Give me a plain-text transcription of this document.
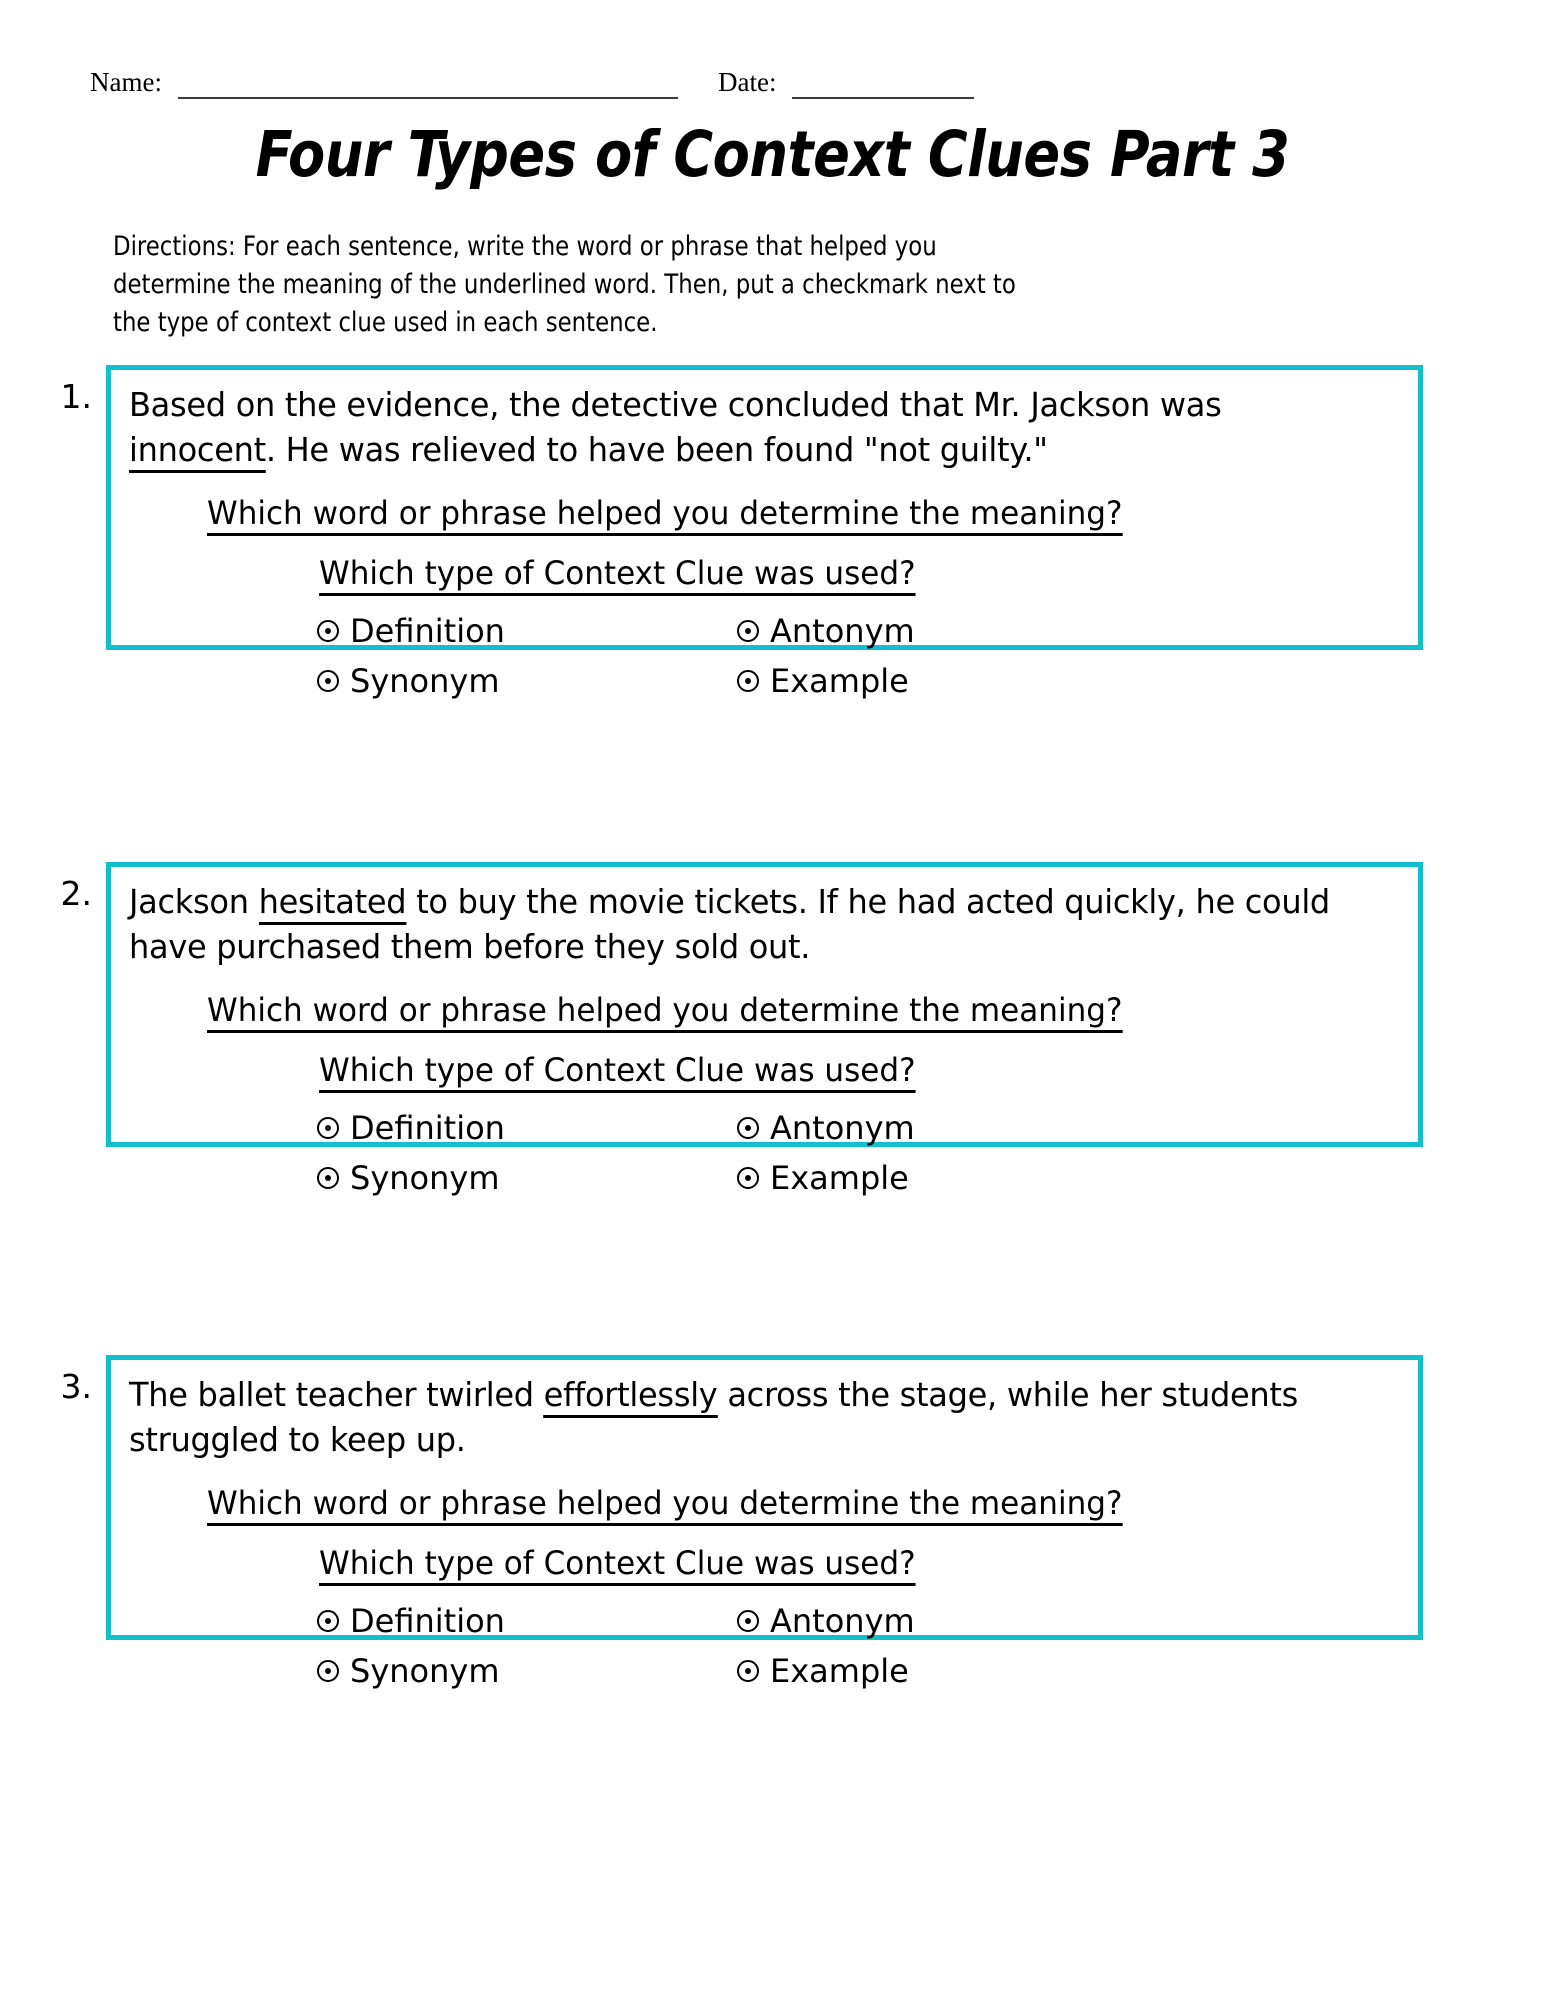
Name:	Date:
Four Types of Context Clues Part 3
Directions: For each sentence, write the word or phrase that helped you determine the meaning of the underlined word. Then, put a checkmark next to the type of context clue used in each sentence.
1.	Based on the evidence, the detective concluded that Mr. Jackson was innocent. He was relieved to have been found "not guilty."
Which word or phrase helped you determine the meaning?
Which type of Context Clue was used?
Definition	Antonym
Synonym	Example
2.	Jackson hesitated to buy the movie tickets. If he had acted quickly, he could have purchased them before they sold out.
Which word or phrase helped you determine the meaning?
Which type of Context Clue was used?
Definition	Antonym
Synonym	Example
3.	The ballet teacher twirled effortlessly across the stage, while her students struggled to keep up.
Which word or phrase helped you determine the meaning?
Which type of Context Clue was used?
Definition	Antonym
Synonym	Example
